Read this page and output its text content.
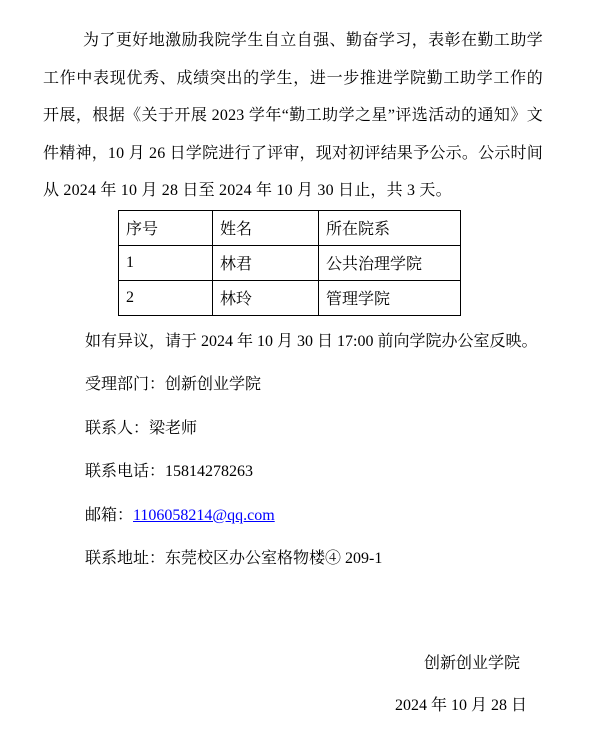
为了更好地激励我院学生自立自强、勤奋学习，表彰在勤工助学工作中表现优秀、成绩突出的学生，进一步推进学院勤工助学工作的开展，根据《关于开展 2023 学年“勤工助学之星”评选活动的通知》文件精神，10 月 26 日学院进行了评审，现对初评结果予公示。公示时间从 2024 年 10 月 28 日至 2024 年 10 月 30 日止，共 3 天。

序号	姓名	所在院系
1	林君	公共治理学院
2	林玲	管理学院

如有异议，请于 2024 年 10 月 30 日 17:00 前向学院办公室反映。

受理部门：创新创业学院

联系人：梁老师

联系电话：15814278263

邮箱：1106058214@qq.com

联系地址：东莞校区办公室格物楼④ 209-1

创新创业学院

2024 年 10 月 28 日
